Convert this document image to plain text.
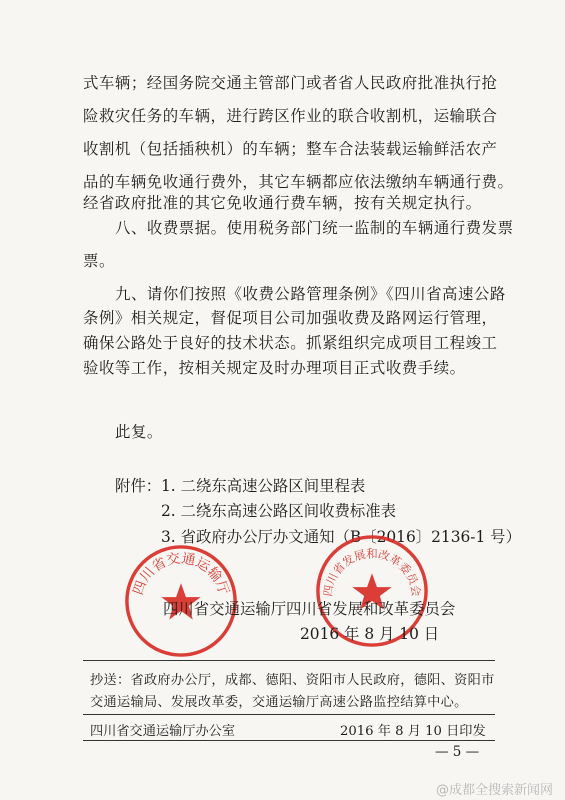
式车辆；经国务院交通主管部门或者省人民政府批准执行抢
险救灾任务的车辆，进行跨区作业的联合收割机，运输联合
收割机（包括插秧机）的车辆；整车合法装载运输鲜活农产
品的车辆免收通行费外，其它车辆都应依法缴纳车辆通行费。
经省政府批准的其它免收通行费车辆，按有关规定执行。
八、收费票据。使用税务部门统一监制的车辆通行费发票
票。
九、请你们按照《收费公路管理条例》《四川省高速公路
条例》相关规定，督促项目公司加强收费及路网运行管理，
确保公路处于良好的技术状态。抓紧组织完成项目工程竣工
验收等工作，按相关规定及时办理项目正式收费手续。
此复。
附件： 1. 二绕东高速公路区间里程表
2. 二绕东高速公路区间收费标准表
3. 省政府办公厅办文通知（B〔2016〕2136-1 号）
四川省交通运输厅	四川省发展和改革委员会
四川省交通运输厅 四川省发展和改革委员会
2016 年 8 月 10 日
抄送：省政府办公厅，成都、德阳、资阳市人民政府，德阳、资阳市
交通运输局、发展改革委，交通运输厅高速公路监控结算中心。
四川省交通运输厅办公室	2016 年 8 月 10 日印发
— 5 —
@成都全搜索新闻网
